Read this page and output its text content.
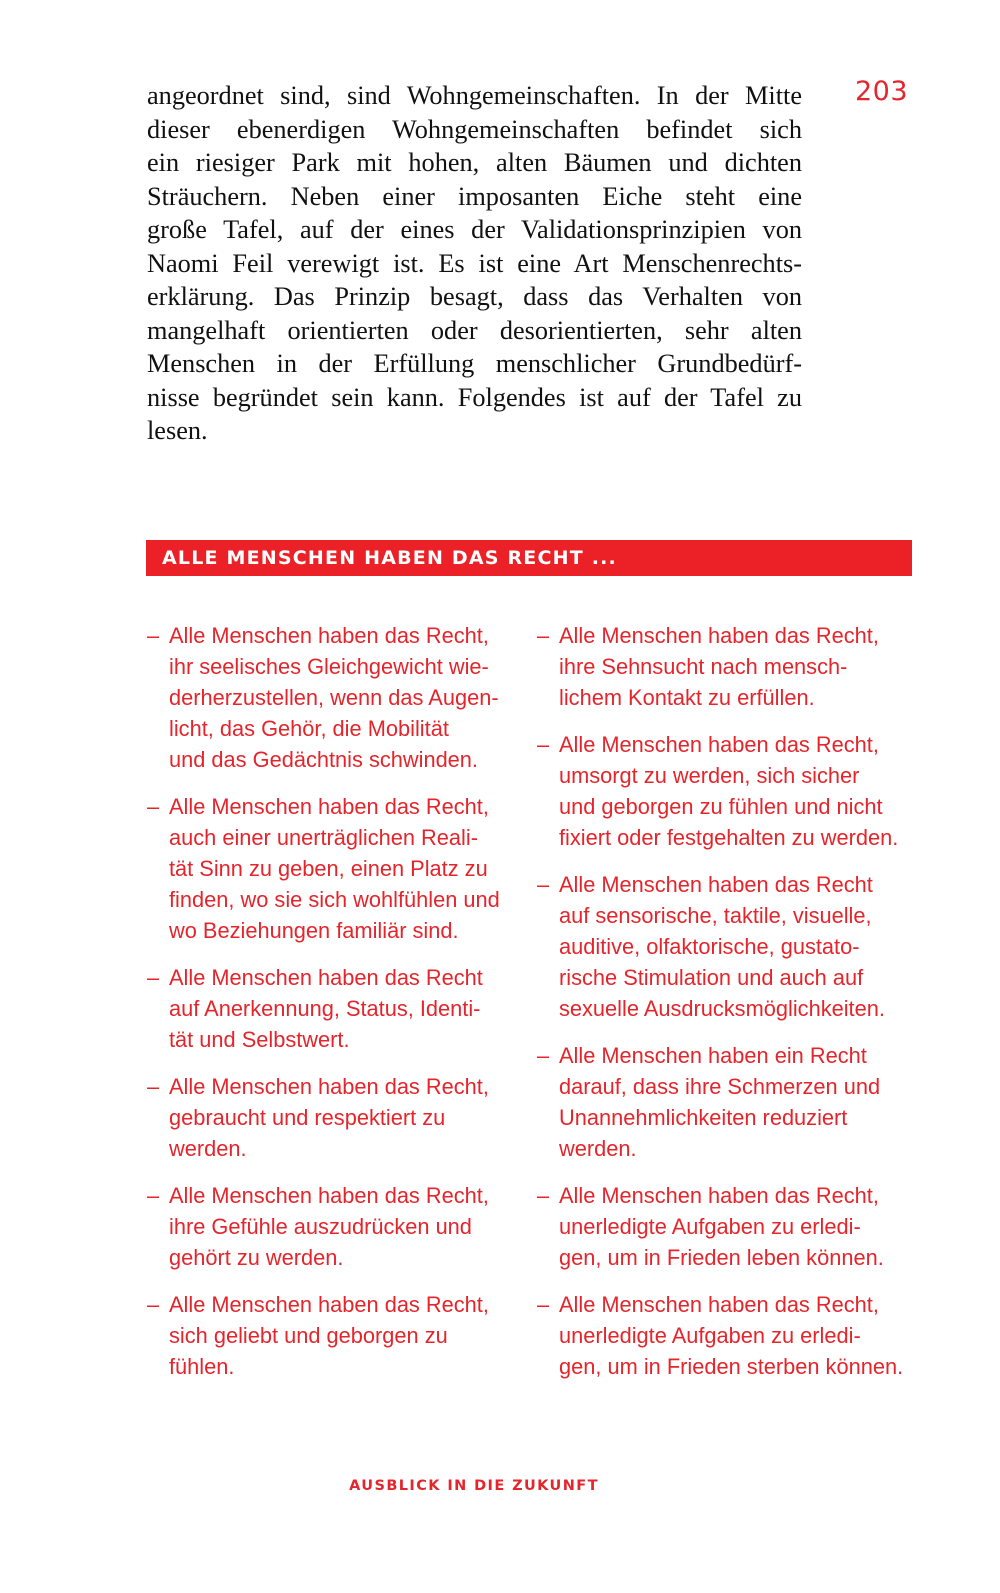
203
angeordnet sind, sind Wohngemeinschaften. In der Mitte
dieser ebenerdigen Wohngemeinschaften befindet sich
ein riesiger Park mit hohen, alten Bäumen und dichten
Sträuchern. Neben einer imposanten Eiche steht eine
große Tafel, auf der eines der Validationsprinzipien von
Naomi Feil verewigt ist. Es ist eine Art Menschenrechts-
erklärung. Das Prinzip besagt, dass das Verhalten von
mangelhaft orientierten oder desorientierten, sehr alten
Menschen in der Erfüllung menschlicher Grundbedürf-
nisse begründet sein kann. Folgendes ist auf der Tafel zu
lesen.
ALLE MENSCHEN HABEN DAS RECHT ...
– Alle Menschen haben das Recht,
ihr seelisches Gleichgewicht wie-
derherzustellen, wenn das Augen-
licht, das Gehör, die Mobilität
und das Gedächtnis schwinden.
– Alle Menschen haben das Recht,
auch einer unerträglichen Reali-
tät Sinn zu geben, einen Platz zu
finden, wo sie sich wohlfühlen und
wo Beziehungen familiär sind.
– Alle Menschen haben das Recht
auf Anerkennung, Status, Identi-
tät und Selbstwert.
– Alle Menschen haben das Recht,
gebraucht und respektiert zu
werden.
– Alle Menschen haben das Recht,
ihre Gefühle auszudrücken und
gehört zu werden.
– Alle Menschen haben das Recht,
sich geliebt und geborgen zu
fühlen.
– Alle Menschen haben das Recht,
ihre Sehnsucht nach mensch-
lichem Kontakt zu erfüllen.
– Alle Menschen haben das Recht,
umsorgt zu werden, sich sicher
und geborgen zu fühlen und nicht
fixiert oder festgehalten zu werden.
– Alle Menschen haben das Recht
auf sensorische, taktile, visuelle,
auditive, olfaktorische, gustato-
rische Stimulation und auch auf
sexuelle Ausdrucksmöglichkeiten.
– Alle Menschen haben ein Recht
darauf, dass ihre Schmerzen und
Unannehmlichkeiten reduziert
werden.
– Alle Menschen haben das Recht,
unerledigte Aufgaben zu erledi-
gen, um in Frieden leben können.
– Alle Menschen haben das Recht,
unerledigte Aufgaben zu erledi-
gen, um in Frieden sterben können.
AUSBLICK IN DIE ZUKUNFT
